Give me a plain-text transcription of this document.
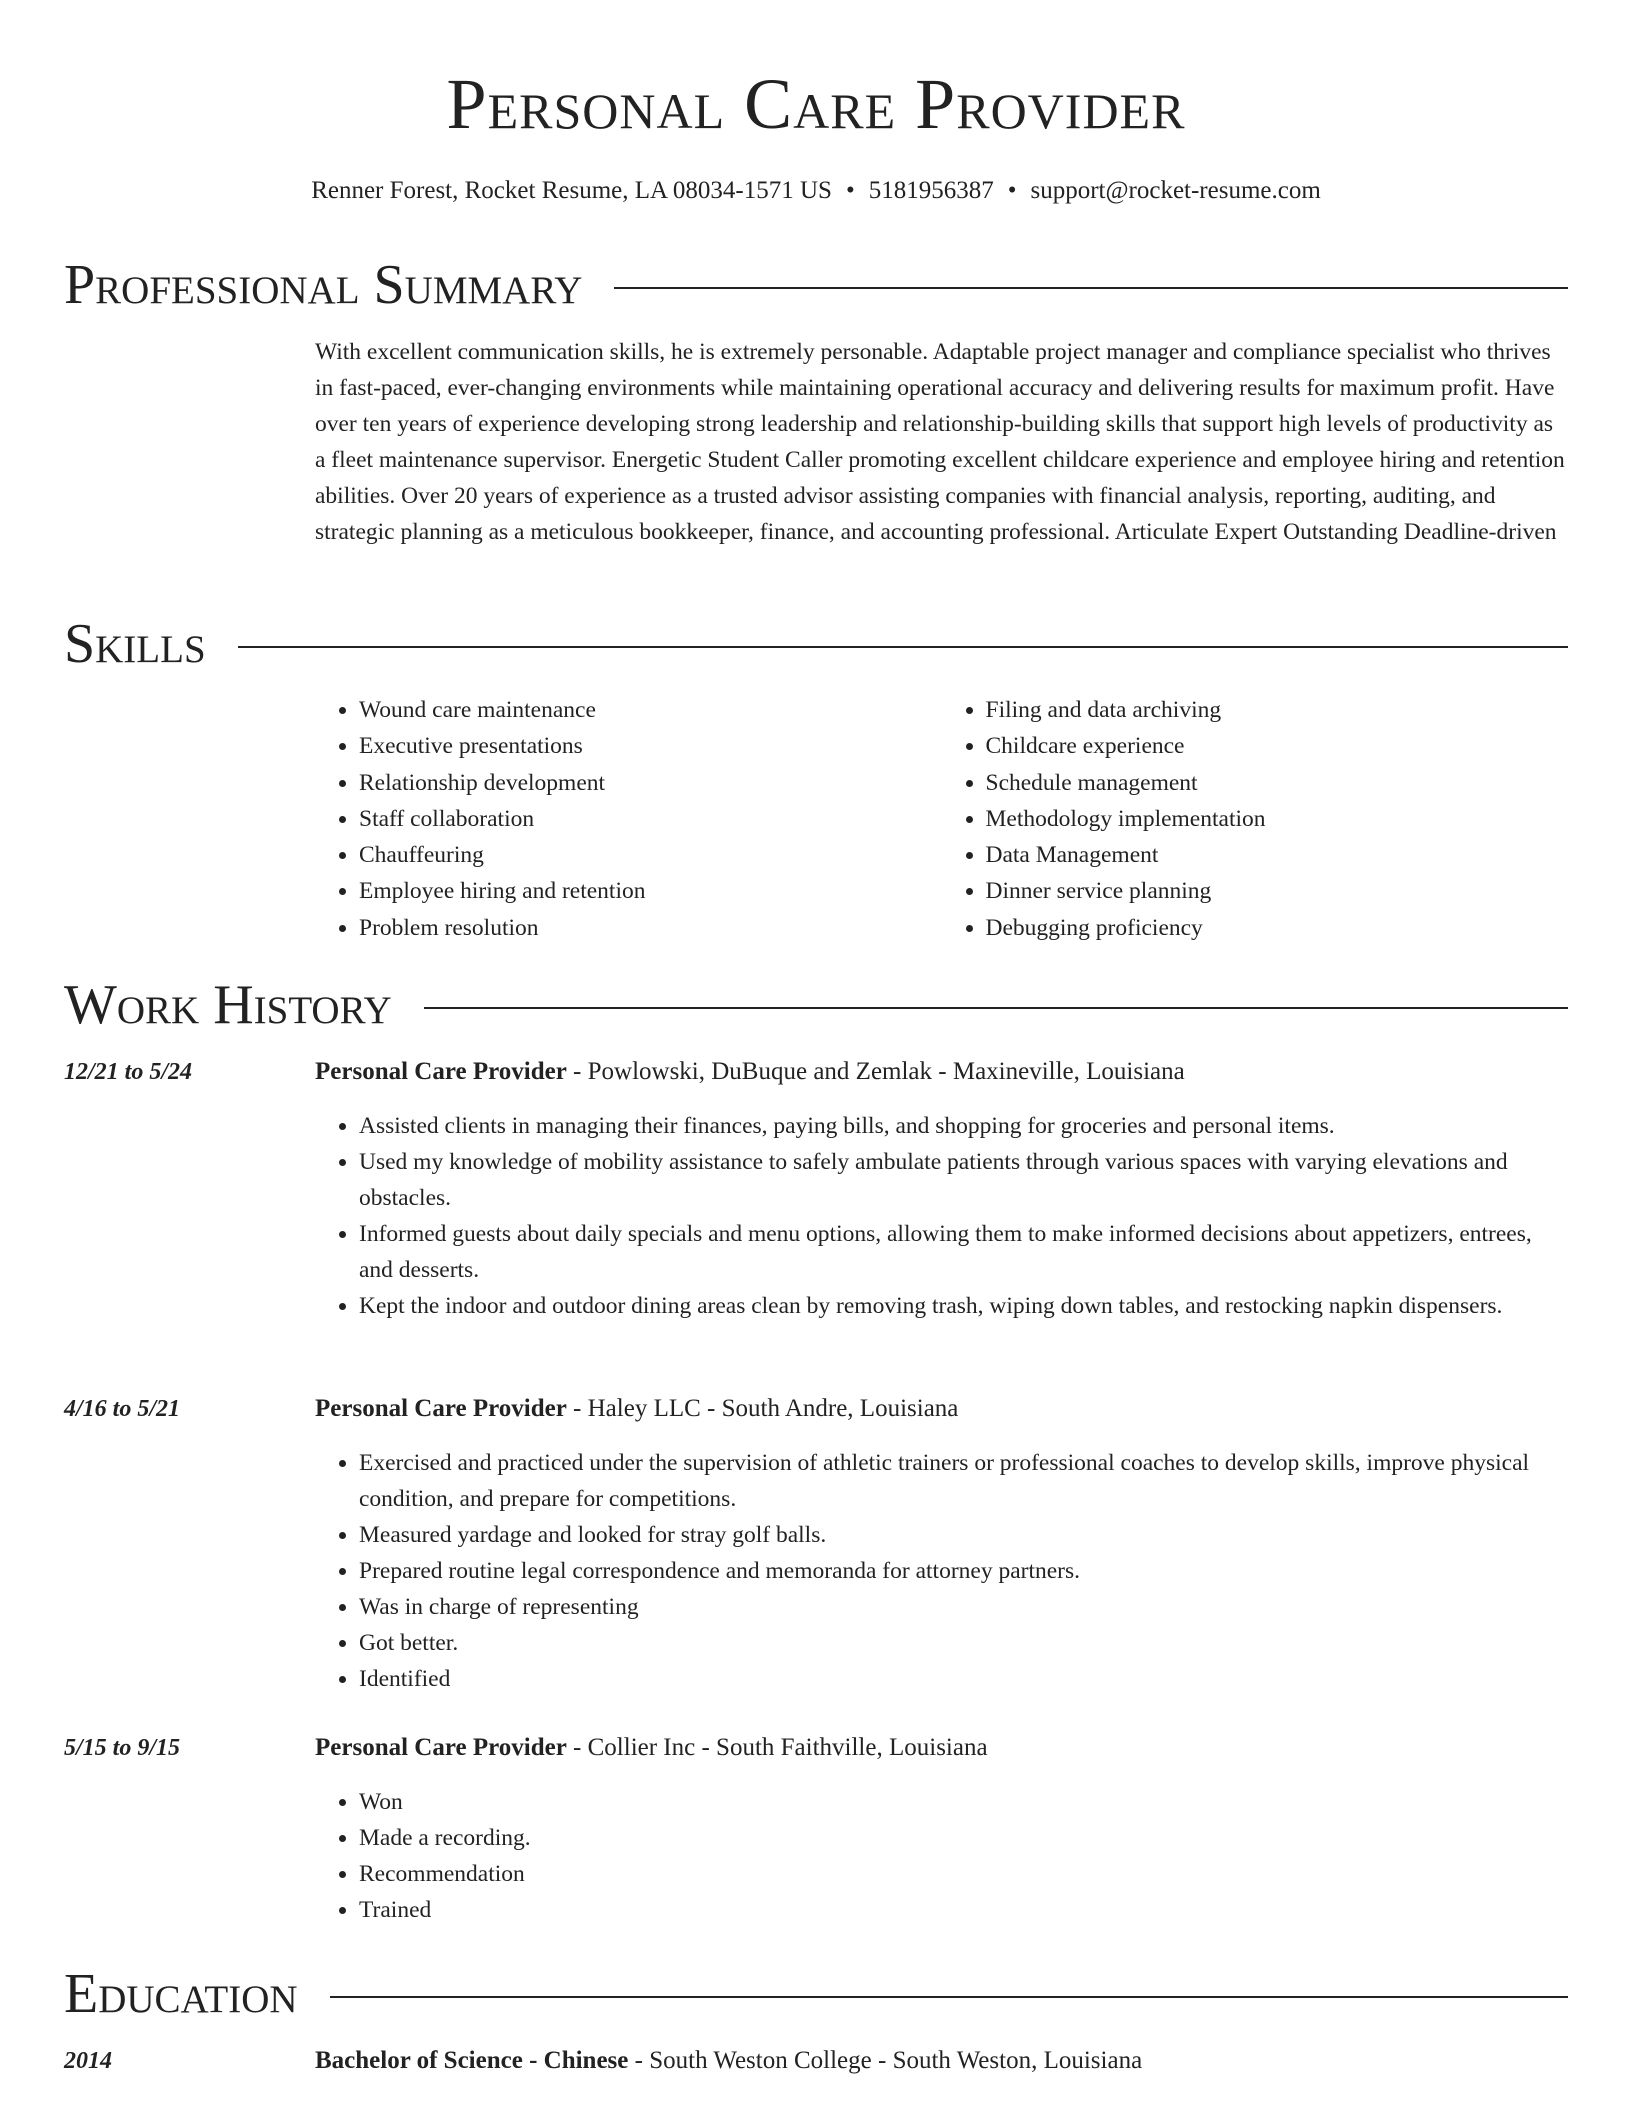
Personal Care Provider
Renner Forest, Rocket Resume, LA 08034-1571 US • 5181956387 • support@rocket-resume.com
Professional Summary
With excellent communication skills, he is extremely personable. Adaptable project manager and compliance specialist who thrives in fast-paced, ever-changing environments while maintaining operational accuracy and delivering results for maximum profit. Have over ten years of experience developing strong leadership and relationship-building skills that support high levels of productivity as a fleet maintenance supervisor. Energetic Student Caller promoting excellent childcare experience and employee hiring and retention abilities. Over 20 years of experience as a trusted advisor assisting companies with financial analysis, reporting, auditing, and strategic planning as a meticulous bookkeeper, finance, and accounting professional. Articulate Expert Outstanding Deadline-driven
Skills
• Wound care maintenance
• Executive presentations
• Relationship development
• Staff collaboration
• Chauffeuring
• Employee hiring and retention
• Problem resolution
• Filing and data archiving
• Childcare experience
• Schedule management
• Methodology implementation
• Data Management
• Dinner service planning
• Debugging proficiency
Work History
12/21 to 5/24	Personal Care Provider - Powlowski, DuBuque and Zemlak - Maxineville, Louisiana
• Assisted clients in managing their finances, paying bills, and shopping for groceries and personal items.
• Used my knowledge of mobility assistance to safely ambulate patients through various spaces with varying elevations and obstacles.
• Informed guests about daily specials and menu options, allowing them to make informed decisions about appetizers, entrees, and desserts.
• Kept the indoor and outdoor dining areas clean by removing trash, wiping down tables, and restocking napkin dispensers.
4/16 to 5/21	Personal Care Provider - Haley LLC - South Andre, Louisiana
• Exercised and practiced under the supervision of athletic trainers or professional coaches to develop skills, improve physical condition, and prepare for competitions.
• Measured yardage and looked for stray golf balls.
• Prepared routine legal correspondence and memoranda for attorney partners.
• Was in charge of representing
• Got better.
• Identified
5/15 to 9/15	Personal Care Provider - Collier Inc - South Faithville, Louisiana
• Won
• Made a recording.
• Recommendation
• Trained
Education
2014	Bachelor of Science - Chinese - South Weston College - South Weston, Louisiana
